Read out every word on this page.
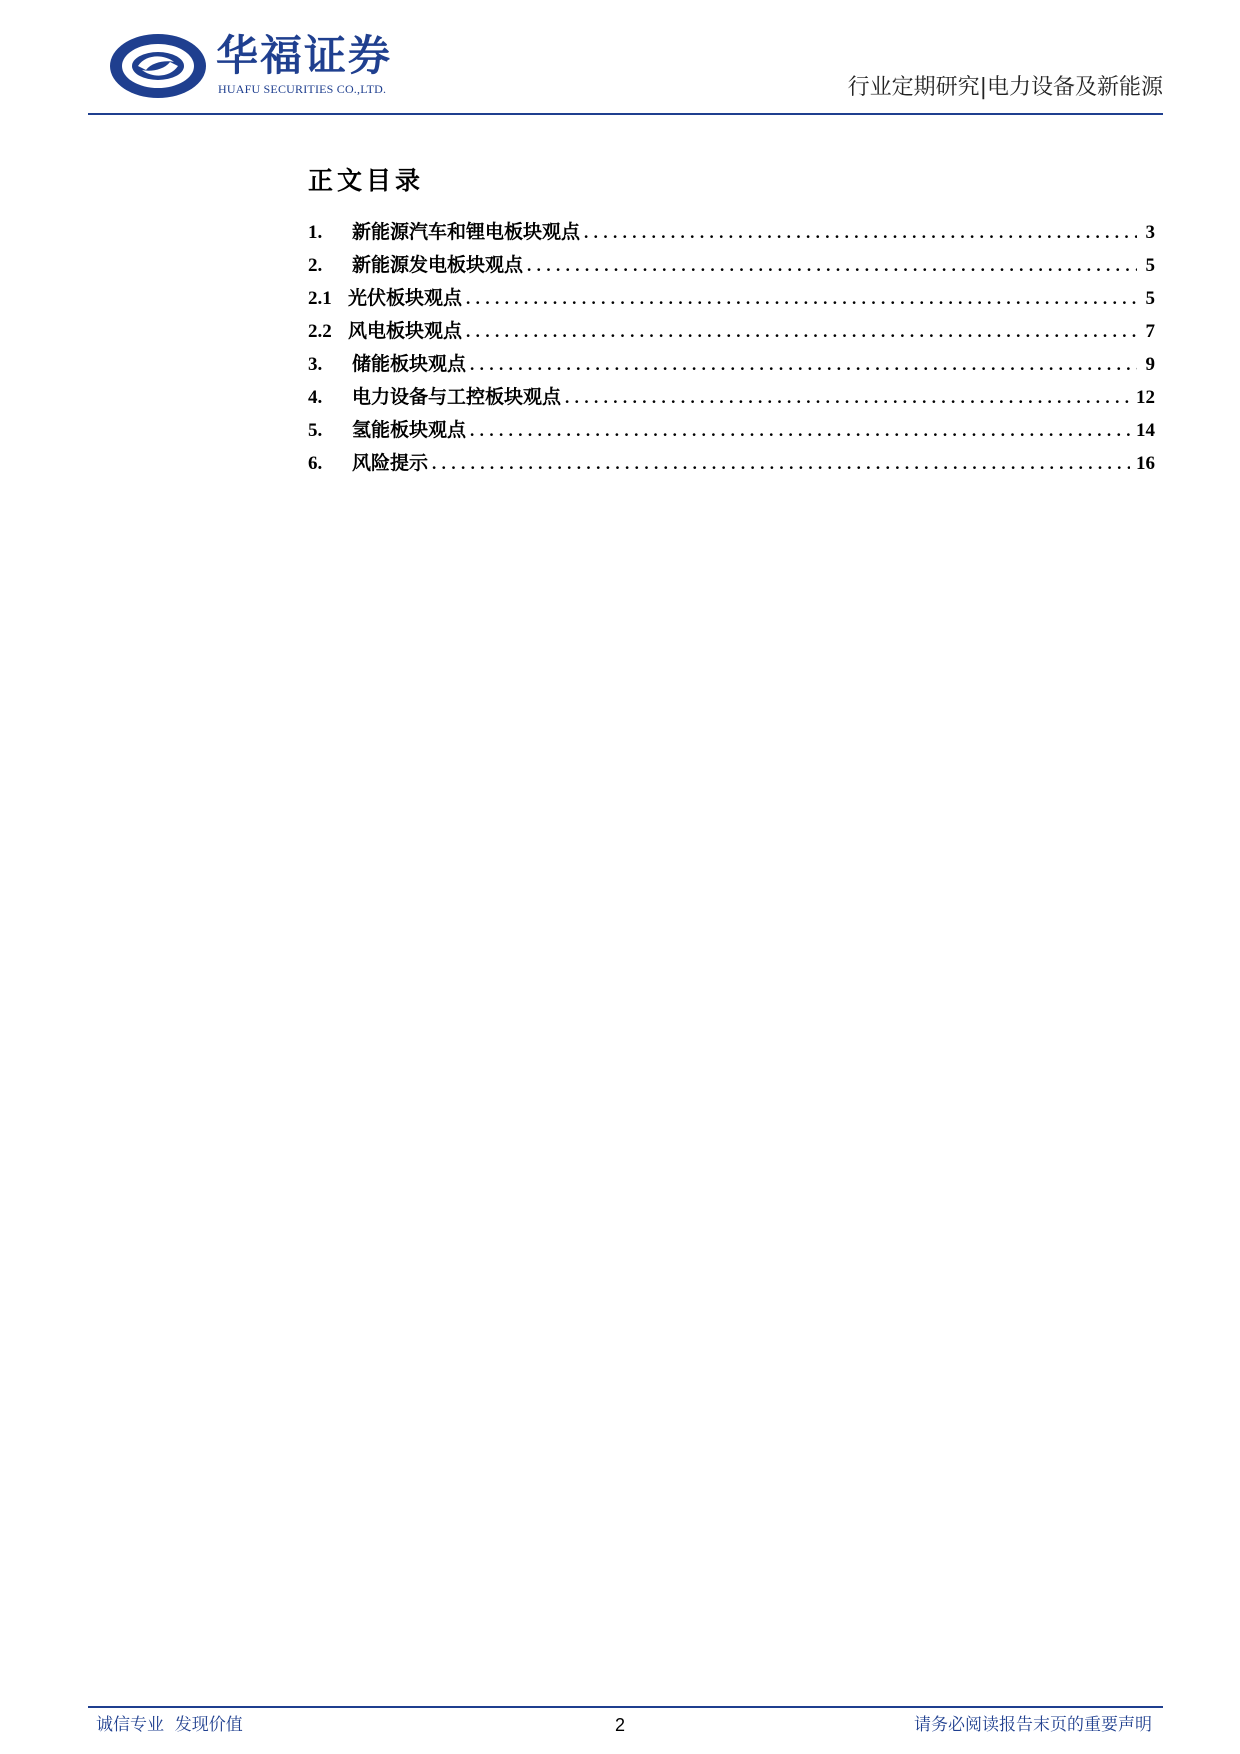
华福证券
HUAFU SECURITIES CO.,LTD.	行业定期研究|电力设备及新能源
正文目录
1.	新能源汽车和锂电板块观点 .....	3
2.	新能源发电板块观点 .....	5
2.1 光伏板块观点 .....	5
2.2 风电板块观点 .....	7
3.	储能板块观点 .....	9
4.	电力设备与工控板块观点 .....	12
5.	氢能板块观点 .....	14
6.	风险提示 .....	16
诚信专业  发现价值	2	请务必阅读报告末页的重要声明
